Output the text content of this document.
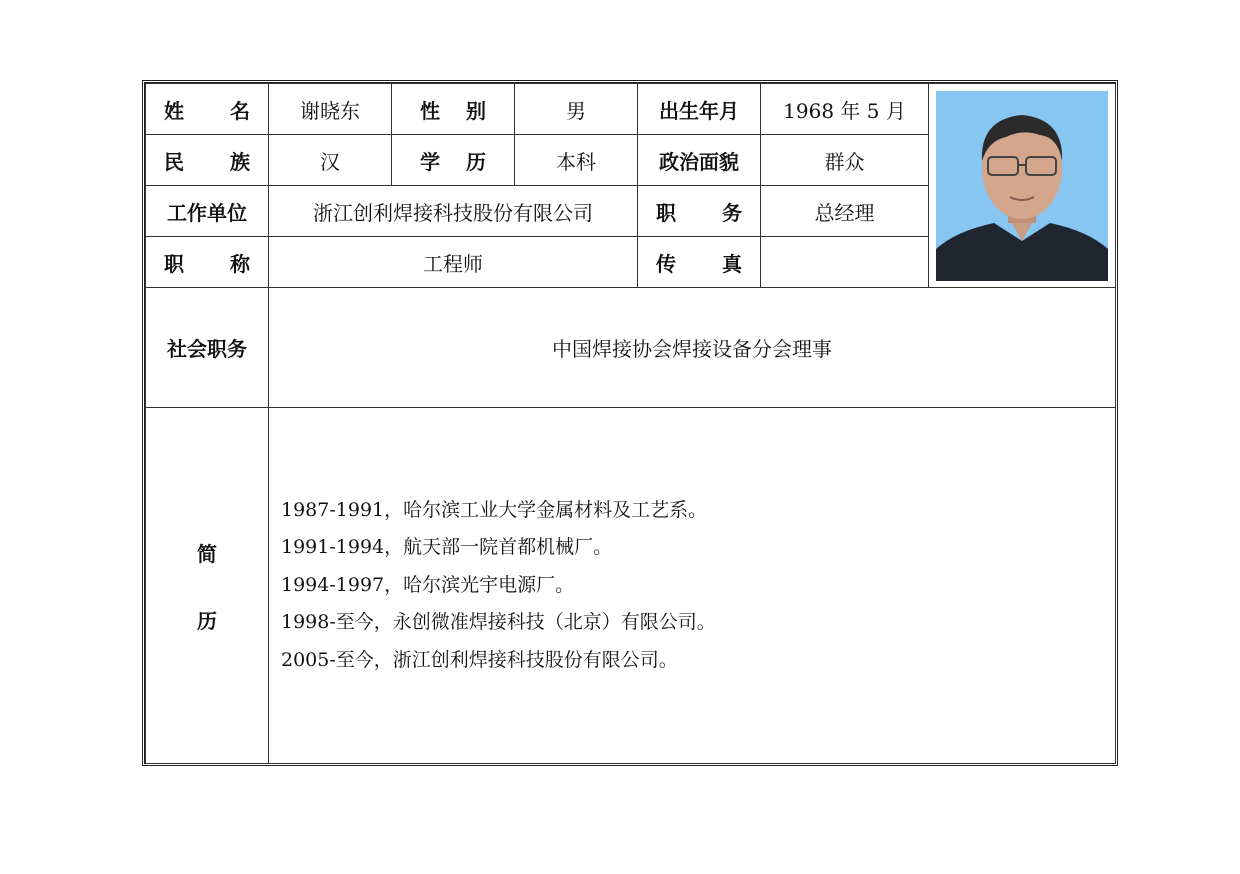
姓名	谢晓东	性别	男	出生年月	1968 年 5 月	

民族	汉	学历	本科	政治面貌	群众	
工作单位	浙江创利焊接科技股份有限公司			职务	总经理	
职称	工程师			传真		
社会职务	中国焊接协会焊接设备分会理事					

简
历	1987-1991，哈尔滨工业大学金属材料及工艺系。
1991-1994，航天部一院首都机械厂。
1994-1997，哈尔滨光宇电源厂。
1998-至今，永创微准焊接科技（北京）有限公司。
2005-至今，浙江创利焊接科技股份有限公司。					
